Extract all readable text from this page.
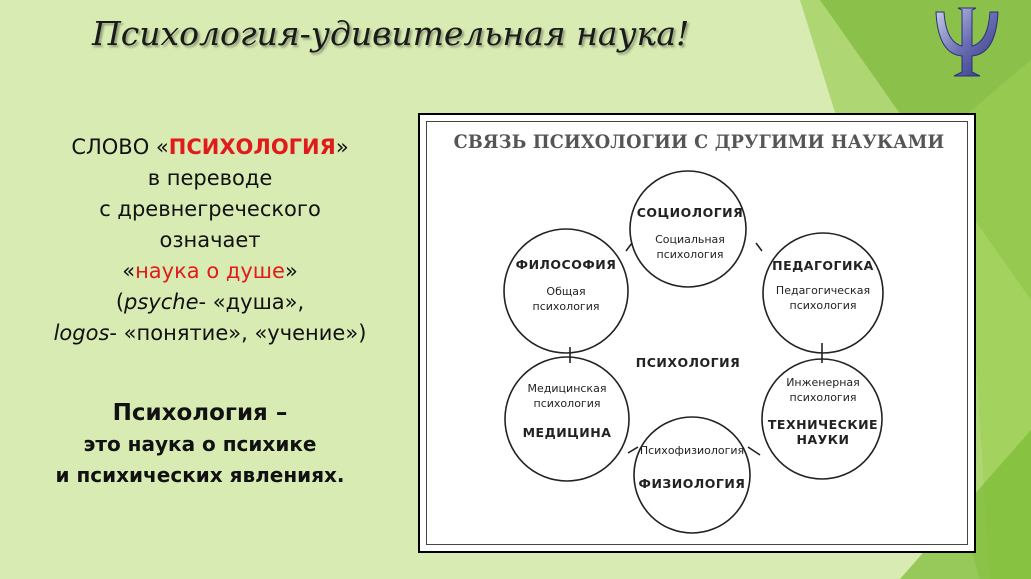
Психология-удивительная наука!
СЛОВО «ПСИХОЛОГИЯ»
в переводе
с древнегреческого
означает
«наука о душе»
(psyche- «душа»,
logos- «понятие», «учение»)
Психология –
это наука о психике
и психических явлениях.
СВЯЗЬ ПСИХОЛОГИИ С ДРУГИМИ НАУКАМИ
ПСИХОЛОГИЯ
СОЦИОЛОГИЯ
Социальная
психология
ПЕДАГОГИКА
Педагогическая
психология
Инженерная
психология
ТЕХНИЧЕСКИЕ
НАУКИ
Психофизиология
ФИЗИОЛОГИЯ
Медицинская
психология
МЕДИЦИНА
ФИЛОСОФИЯ
Общая
психология
